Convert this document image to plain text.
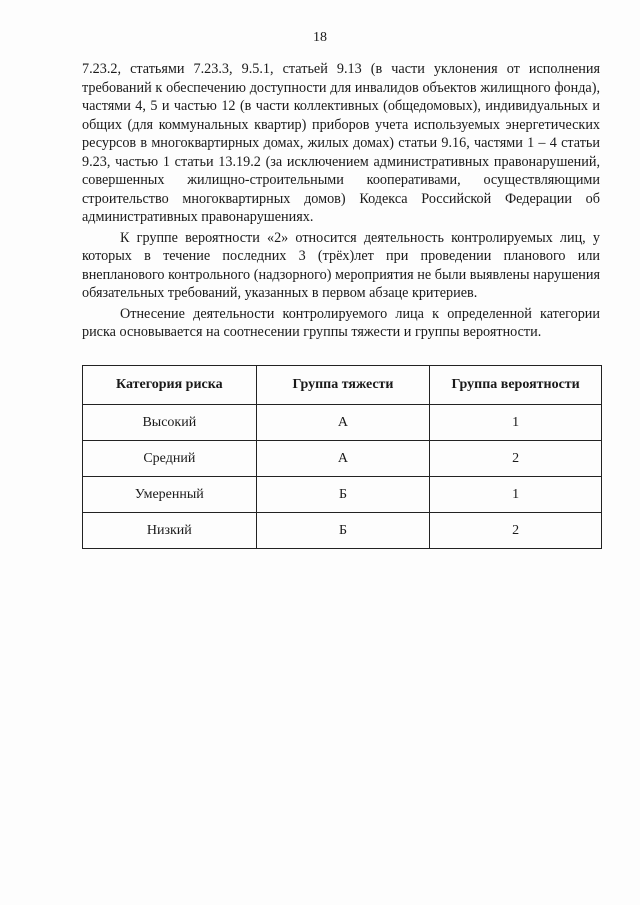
18

7.23.2, статьями 7.23.3, 9.5.1, статьей 9.13 (в части уклонения от исполнения требований к обеспечению доступности для инвалидов объектов жилищного фонда), частями 4, 5 и частью 12 (в части коллективных (общедомовых), индивидуальных и общих (для коммунальных квартир) приборов учета используемых энергетических ресурсов в многоквартирных домах, жилых домах) статьи 9.16, частями 1 – 4 статьи 9.23, частью 1 статьи 13.19.2 (за исключением административных правонарушений, совершенных жилищно-строительными кооперативами, осуществляющими строительство многоквартирных домов) Кодекса Российской Федерации об административных правонарушениях.

К группе вероятности «2» относится деятельность контролируемых лиц, у которых в течение последних 3 (трёх)лет при проведении планового или внепланового контрольного (надзорного) мероприятия не были выявлены нарушения обязательных требований, указанных в первом абзаце критериев.

Отнесение деятельности контролируемого лица к определенной категории риска основывается на соотнесении группы тяжести и группы вероятности.

Категория риска	Группа тяжести	Группа вероятности
Высокий	А	1
Средний	А	2
Умеренный	Б	1
Низкий	Б	2
